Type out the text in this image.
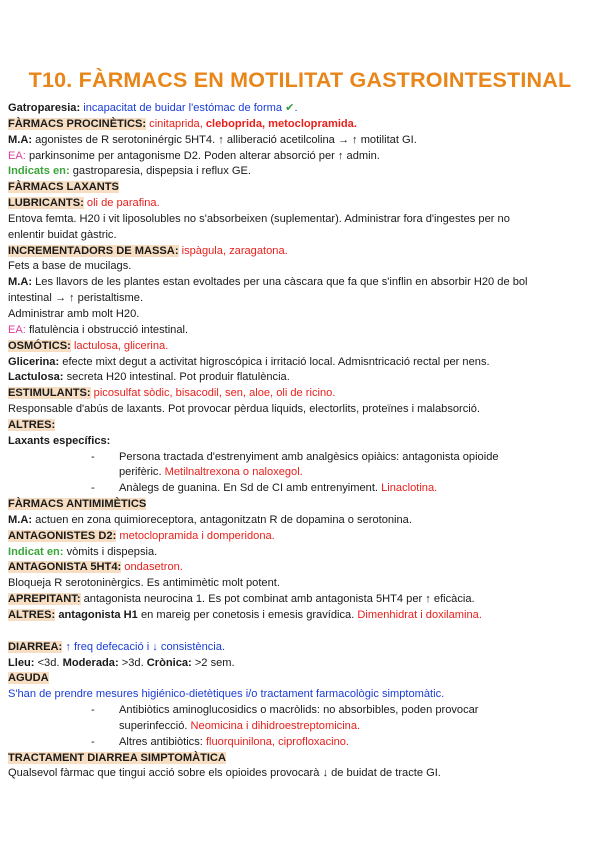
T10. FÀRMACS EN MOTILITAT GASTROINTESTINAL
Gatroparesia: incapacitat de buidar l'estómac de forma ✔.
FÀRMACS PROCINÈTICS: cinitaprida, cleboprida, metoclopramida.
M.A: agonistes de R serotoninérgic 5HT4. ↑ alliberació acetilcolina → ↑ motilitat GI.
EA: parkinsonime per antagonisme D2. Poden alterar absorció per ↑ admin.
Indicats en: gastroparesia, dispepsia i reflux GE.
FÀRMACS LAXANTS
LUBRICANTS: oli de parafina.
Entova femta. H20 i vit liposolubles no s'absorbeixen (suplementar). Administrar fora d'ingestes per no
enlentir buidat gàstric.
INCREMENTADORS DE MASSA: ispàgula, zaragatona.
Fets a base de mucilags.
M.A: Les llavors de les plantes estan evoltades per una càscara que fa que s'inflin en absorbir H20 de bol
intestinal → ↑ peristaltisme.
Administrar amb molt H20.
EA: flatulència i obstrucció intestinal.
OSMÓTICS: lactulosa, glicerina.
Glicerina: efecte mixt degut a activitat higroscópica i irritació local. Admisntricació rectal per nens.
Lactulosa: secreta H20 intestinal. Pot produir flatulència.
ESTIMULANTS: picosulfat sòdic, bisacodil, sen, aloe, oli de ricino.
Responsable d'abús de laxants. Pot provocar pèrdua liquids, electorlits, proteïnes i malabsorció.
ALTRES:
Laxants específics:
- Persona tractada d'estrenyiment amb analgèsics opiàics: antagonista opioide
perifèric. Metilnaltrexona o naloxegol.
- Anàlegs de guanina. En Sd de CI amb entrenyiment. Linaclotina.
FÀRMACS ANTIMIMÈTICS
M.A: actuen en zona quimioreceptora, antagonitzatn R de dopamina o serotonina.
ANTAGONISTES D2: metoclopramida i domperidona.
Indicat en: vòmits i dispepsia.
ANTAGONISTA 5HT4: ondasetron.
Bloqueja R serotoninèrgics. Es antimimètic molt potent.
APREPITANT: antagonista neurocina 1. Es pot combinat amb antagonista 5HT4 per ↑ eficàcia.
ALTRES: antagonista H1 en mareig per conetosis i emesis gravídica. Dimenhidrat i doxilamina.
DIARREA: ↑ freq defecació i ↓ consistència.
Lleu: <3d. Moderada: >3d. Crònica: >2 sem.
AGUDA
S'han de prendre mesures higiénico-dietètiques i/o tractament farmacològic simptomàtic.
- Antibiòtics aminoglucosidics o macròlids: no absorbibles, poden provocar
superinfecció. Neomicina i dihidroestreptomicina.
- Altres antibiòtics: fluorquinilona, ciprofloxacino.
TRACTAMENT DIARREA SIMPTOMÀTICA
Qualsevol fàrmac que tingui acció sobre els opioides provocarà ↓ de buidat de tracte GI.
